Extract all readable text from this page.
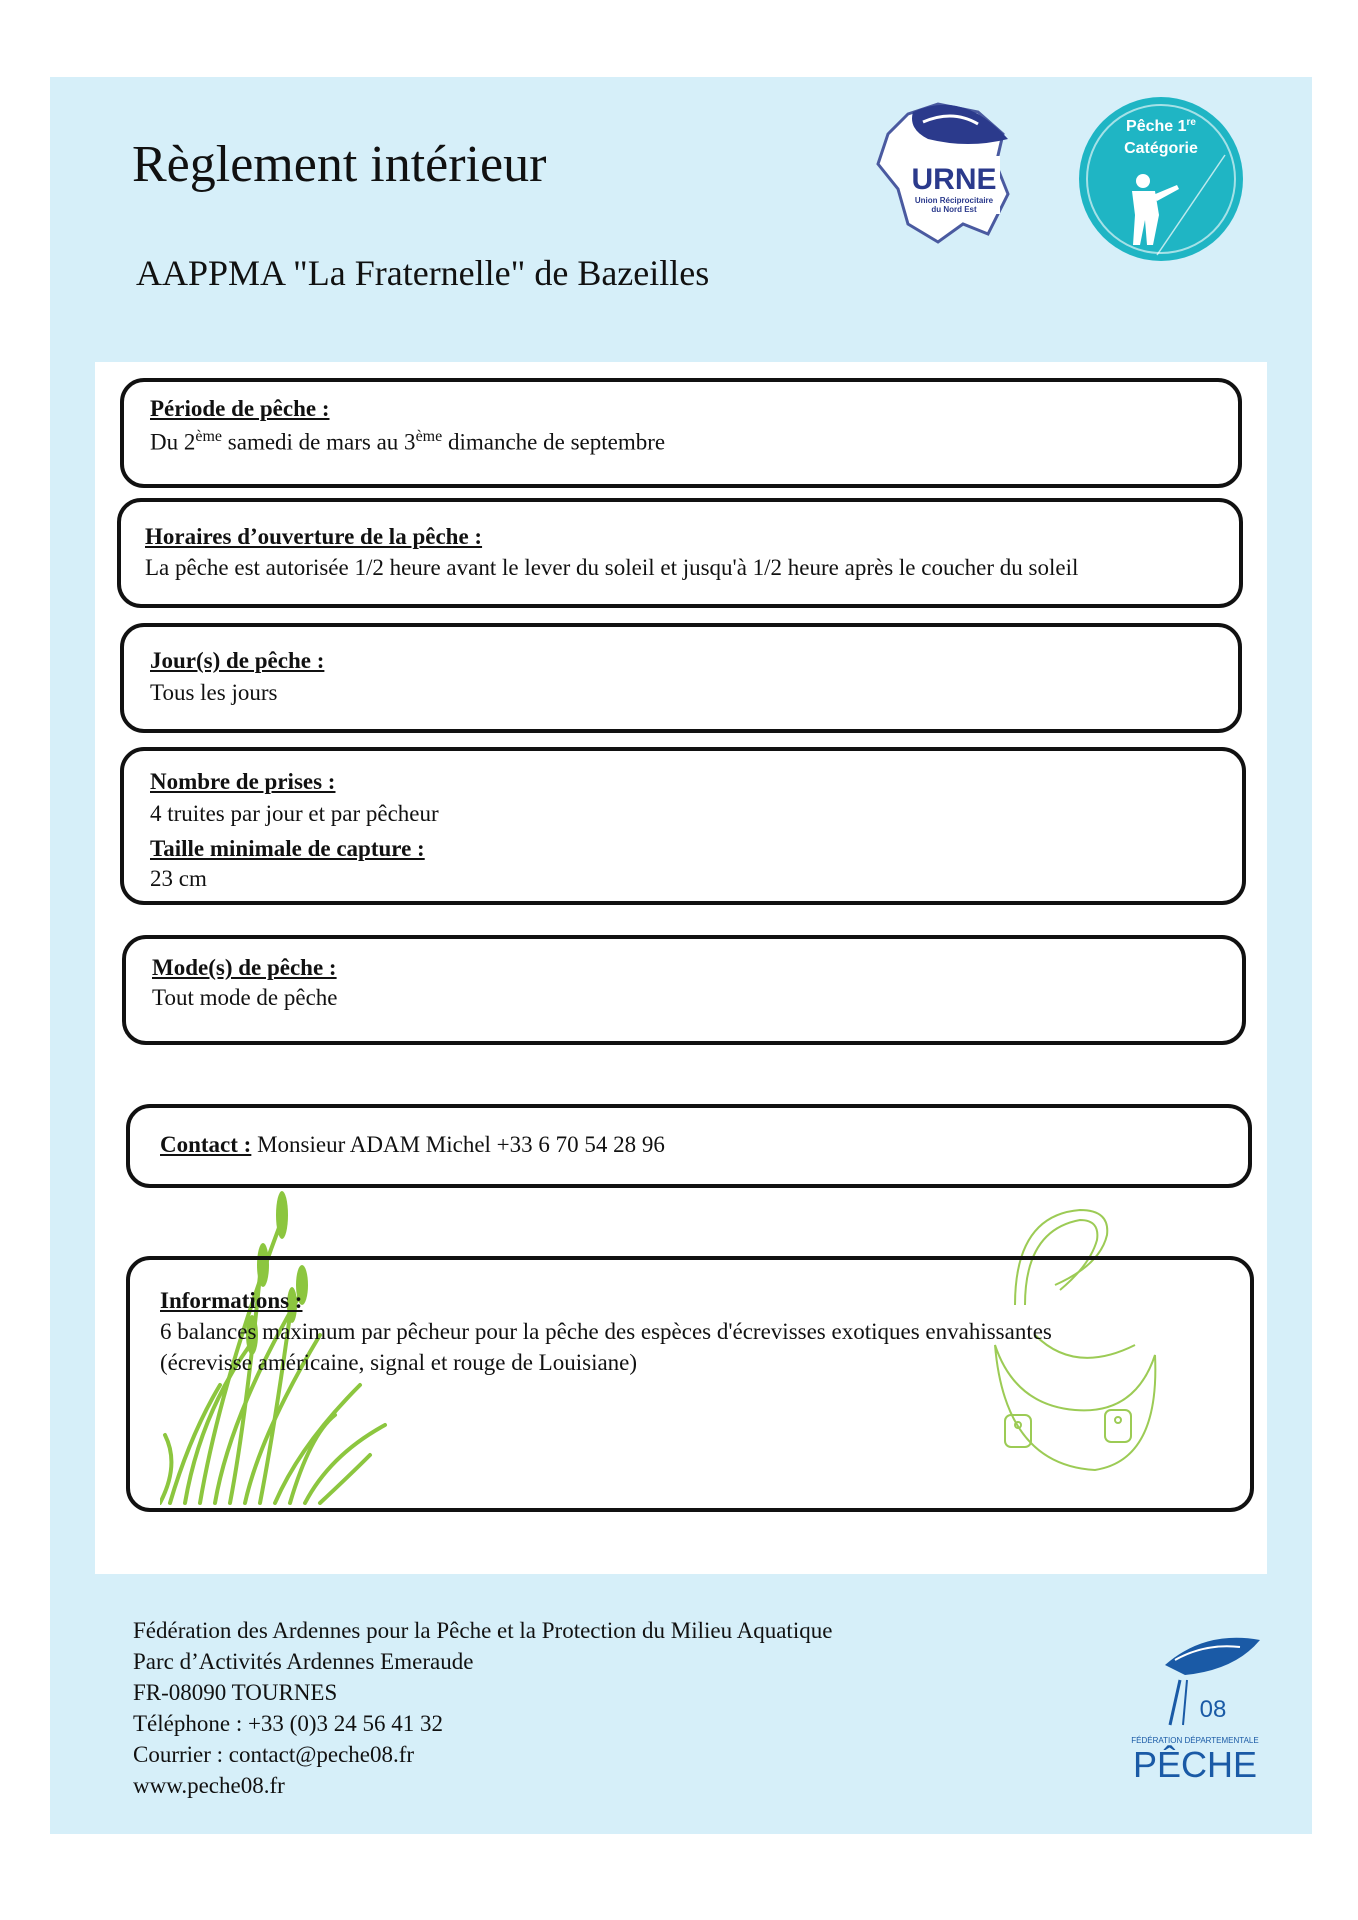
Règlement intérieur
AAPPMA "La Fraternelle" de Bazeilles
URNE
Union Réciprocitaire
du Nord Est
Pêche 1re
Catégorie
Période de pêche :
Du 2ème samedi de mars au 3ème dimanche de septembre
Horaires d’ouverture de la pêche :
La pêche est autorisée 1/2 heure avant le lever du soleil et jusqu'à 1/2 heure après le coucher du soleil
Jour(s) de pêche :
Tous les jours
Nombre de prises :
4 truites par jour et par pêcheur
Taille minimale de capture :
23 cm
Mode(s) de pêche :
Tout mode de pêche
Contact : Monsieur ADAM Michel +33 6 70 54 28 96
Informations :
6 balances maximum par pêcheur pour la pêche des espèces d'écrevisses exotiques envahissantes
(écrevisse américaine, signal et rouge de Louisiane)
Fédération des Ardennes pour la Pêche et la Protection du Milieu Aquatique
Parc d’Activités Ardennes Emeraude
FR-08090 TOURNES
Téléphone : +33 (0)3 24 56 41 32
Courrier : contact@peche08.fr
www.peche08.fr
08
FÉDÉRATION DÉPARTEMENTALE
PÊCHE
